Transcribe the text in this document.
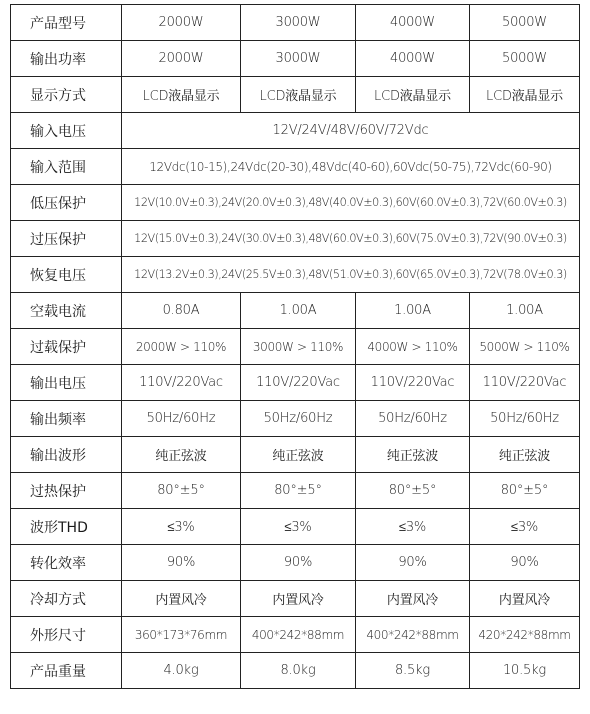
产品型号	2000W	3000W	4000W	5000W
输出功率	2000W	3000W	4000W	5000W
显示方式	LCD液晶显示	LCD液晶显示	LCD液晶显示	LCD液晶显示
输入电压	12V/24V/48V/60V/72Vdc			
输入范围	12Vdc(10-15),24Vdc(20-30),48Vdc(40-60),60Vdc(50-75),72Vdc(60-90)			
低压保护	12V(10.0V±0.3),24V(20.0V±0.3),48V(40.0V±0.3),60V(60.0V±0.3),72V(60.0V±0.3)			
过压保护	12V(15.0V±0.3),24V(30.0V±0.3),48V(60.0V±0.3),60V(75.0V±0.3),72V(90.0V±0.3)			
恢复电压	12V(13.2V±0.3),24V(25.5V±0.3),48V(51.0V±0.3),60V(65.0V±0.3),72V(78.0V±0.3)			
空载电流	0.80A	1.00A	1.00A	1.00A
过载保护	2000W > 110%	3000W > 110%	4000W > 110%	5000W > 110%
输出电压	110V/220Vac	110V/220Vac	110V/220Vac	110V/220Vac
输出频率	50Hz/60Hz	50Hz/60Hz	50Hz/60Hz	50Hz/60Hz
输出波形	纯正弦波	纯正弦波	纯正弦波	纯正弦波
过热保护	80°±5°	80°±5°	80°±5°	80°±5°
波形THD	≤3%	≤3%	≤3%	≤3%
转化效率	90%	90%	90%	90%
冷却方式	内置风冷	内置风冷	内置风冷	内置风冷
外形尺寸	360*173*76mm	400*242*88mm	400*242*88mm	420*242*88mm
产品重量	4.0kg	8.0kg	8.5kg	10.5kg
